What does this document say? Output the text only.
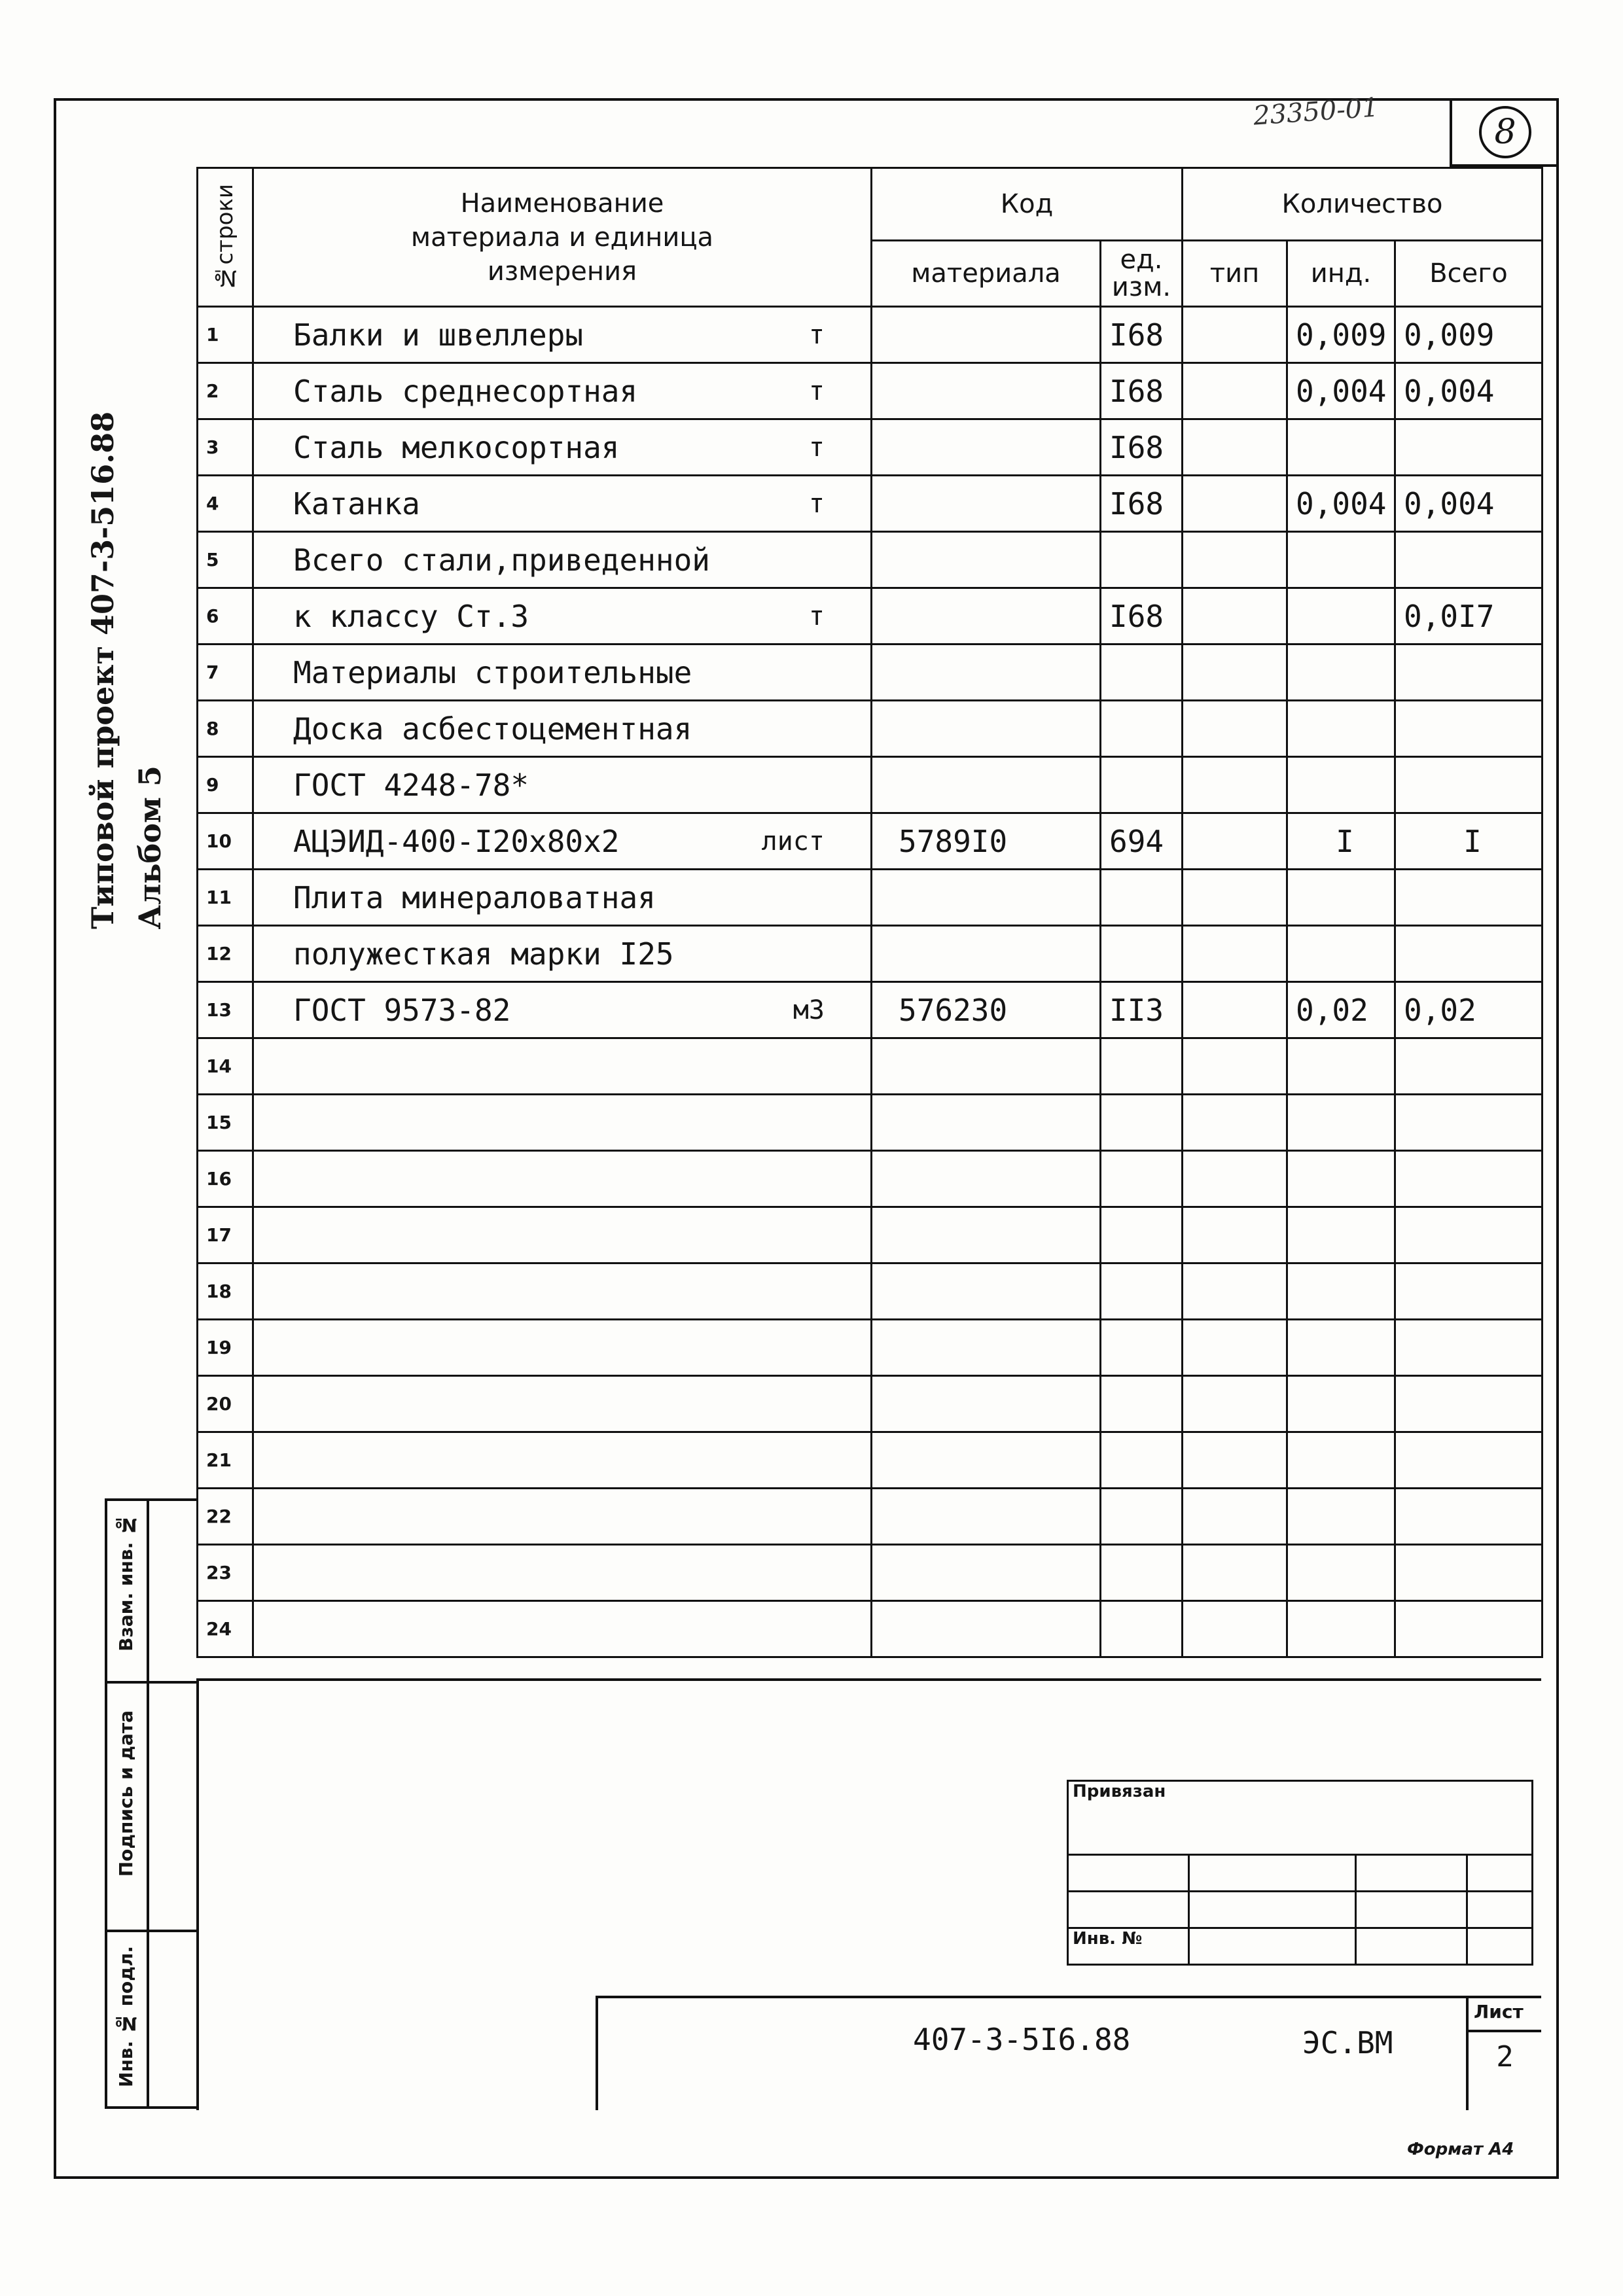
8
23350-01
Типовой проект 407-3-516.88 Альбом 5
№строки	Наименование материала и единица измерения	Код		Количество		
		материала	ед. изм.	тип	инд.	Всего
1	Балки и швеллеры т		I68		0,009	0,009
2	Сталь среднесортная т		I68		0,004	0,004
3	Сталь мелкосортная т		I68			
4	Катанка т		I68		0,004	0,004
5	Всего стали,приведенной

6	к классу Ст.3 т		I68			0,0I7
7	Материалы строительные

8	Доска асбестоцементная

9	ГОСТ 4248-78*

10	АЦЭИД-400-I20x80x2 лист	5789I0	694		I	I
11	Плита минераловатная

12	полужесткая марки I25

13	ГОСТ 9573-82 м3	576230	II3		0,02	0,02
14	

15	

16	

17	

18	

19	

20	

21	

22	

23	

24	

Взам. инв. №
Подпись и дата
Инв. № подл.
Привязан			

Инв. №			
407-3-5I6.88	ЭС.ВМ
Лист
2
Формат А4
